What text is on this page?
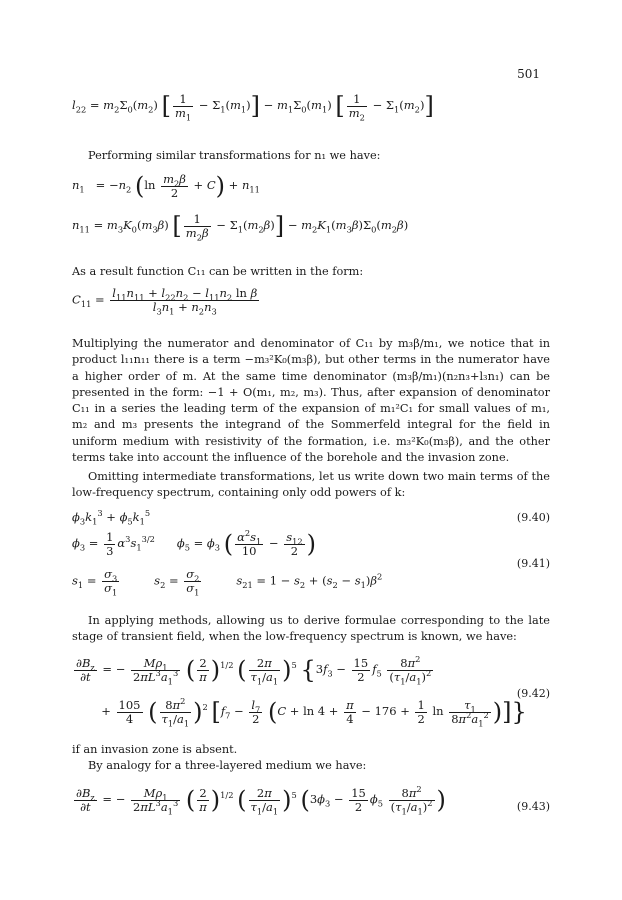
501
$l_{22} = m_2\Sigma_0(m_2)$ [ $\frac{1}{m_1} - \Sigma_1(m_1)] - m_1\Sigma_0(m_1)$ [ $\frac{1}{m_2} - \Sigma_1(m_2)$]
Performing similar transformations for n₁ we have:
$n_1 = -n_2$ $(\ln \frac{m_2\beta}{2} + C) + n_{11}$
$n_{11} = m_3K_0(m_3\beta)$ [ $\frac{1}{m_2\beta} - \Sigma_1(m_2\beta)] - m_2K_1(m_3\beta)\Sigma_0(m_2\beta)$
As a result function C₁₁ can be written in the form:
$C_{11} = \frac{l_{11}n_{11} + l_{22}n_2 - l_{11}n_2 \ln \beta}{l_3n_1 + n_2n_3}$
Multiplying the numerator and denominator of C₁₁ by m₃β/m₁, we notice that in product l₁₁n₁₁ there is a term −m₃²K₀(m₃β), but other terms in the numerator have a higher order of m. At the same time denominator (m₃β/m₁)(n₂n₃+l₃n₁) can be presented in the form: −1 + O(m₁, m₂, m₃). Thus, after expansion of denominator C₁₁ in a series the leading term of the expansion of m₁²C₁ for small values of m₁, m₂ and m₃ presents the integrand of the Sommerfeld integral for the field in uniform medium with resistivity of the formation, i.e. m₃²K₀(m₃β), and the other terms take into account the influence of the borehole and the invasion zone.
Omitting intermediate transformations, let us write down two main terms of the low-frequency spectrum, containing only odd powers of k:
$\phi_3k_1^3 + \phi_5k_1^5$	(9.40)
$\phi_3 = \frac{1}{3} \alpha^3s_1^{3/2}$ $\phi_5 = \phi_3$ ( $\frac{\alpha^2s_1}{10} - \frac{s_{12}}{2}$ )
$s_1 = \frac{\sigma_3}{\sigma_1}$	$s_2 = \frac{\sigma_2}{\sigma_1}$	$s_{21} = 1 - s_2 + (s_2 - s_1)\beta^2$
(9.41)
In applying methods, allowing us to derive formulae corresponding to the late stage of transient field, when the low-frequency spectrum is known, we have:
$\frac{\partial B_z}{\partial t}$ = − $\frac{M\rho_1}{2\pi L^3a_1^3}$ ( $\frac{2}{\pi} )^{1/2}$ ( $\frac{2\pi}{\tau_1/a_1} )^5$ {$3f_3 - \frac{15}{2} f_5 \frac{8\pi^2}{(\tau_1/a_1)^2}$
+ $\frac{105}{4}$ ( $\frac{8\pi^2}{\tau_1/a_1} )^2$ [$f_7 - \frac{l_7}{2} (C + \ln 4 + \frac{\pi}{4} - 176 + \frac{1}{2}$ $\ln \frac{\tau_1}{8\pi^2a_1^2}$ )]}
(9.42)
if an invasion zone is absent.
By analogy for a three-layered medium we have:
$\frac{\partial B_z}{\partial t}$ = − $\frac{M\rho_1}{2\pi L^3a_1^3}$ ( $\frac{2}{\pi} )^{1/2}$ ( $\frac{2\pi}{\tau_1/a_1} )^5$ ($3\phi_3 - \frac{15}{2} \phi_5 \frac{8\pi^2}{(\tau_1/a_1)^2}$ )	(9.43)
